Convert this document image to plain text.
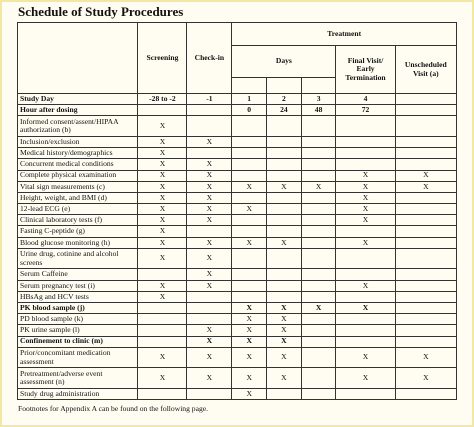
Schedule of Study Procedures
	Screening	Check-in	Treatment				
			Days			Final Visit/ Early Termination	Unscheduled Visit (a)

Study Day	-28 to -2	-1	1	2	3	4	
Hour after dosing			0	24	48	72	
Informed consent/assent/HIPAA authorization (b)	X						
Inclusion/exclusion	X	X					
Medical history/demographics	X						
Concurrent medical conditions	X	X					
Complete physical examination	X	X				X	X
Vital sign measurements (c)	X	X	X	X	X	X	X
Height, weight, and BMI (d)	X	X				X	
12-lead ECG (e)	X	X	X			X	
Clinical laboratory tests (f)	X	X				X	
Fasting C-peptide (g)	X						
Blood glucose monitoring (h)	X	X	X	X		X	
Urine drug, cotinine and alcohol screens	X	X					
Serum Caffeine		X					
Serum pregnancy test (i)	X	X				X	
HBsAg and HCV tests	X						
PK blood sample (j)			X	X	X	X	
PD blood sample (k)			X	X			
PK urine sample (l)		X	X	X			
Confinement to clinic (m)		X	X	X			
Prior/concomitant medication assessment	X	X	X	X		X	X
Pretreatment/adverse event assessment (n)	X	X	X	X		X	X
Study drug administration			X				
Footnotes for Appendix A can be found on the following page.
